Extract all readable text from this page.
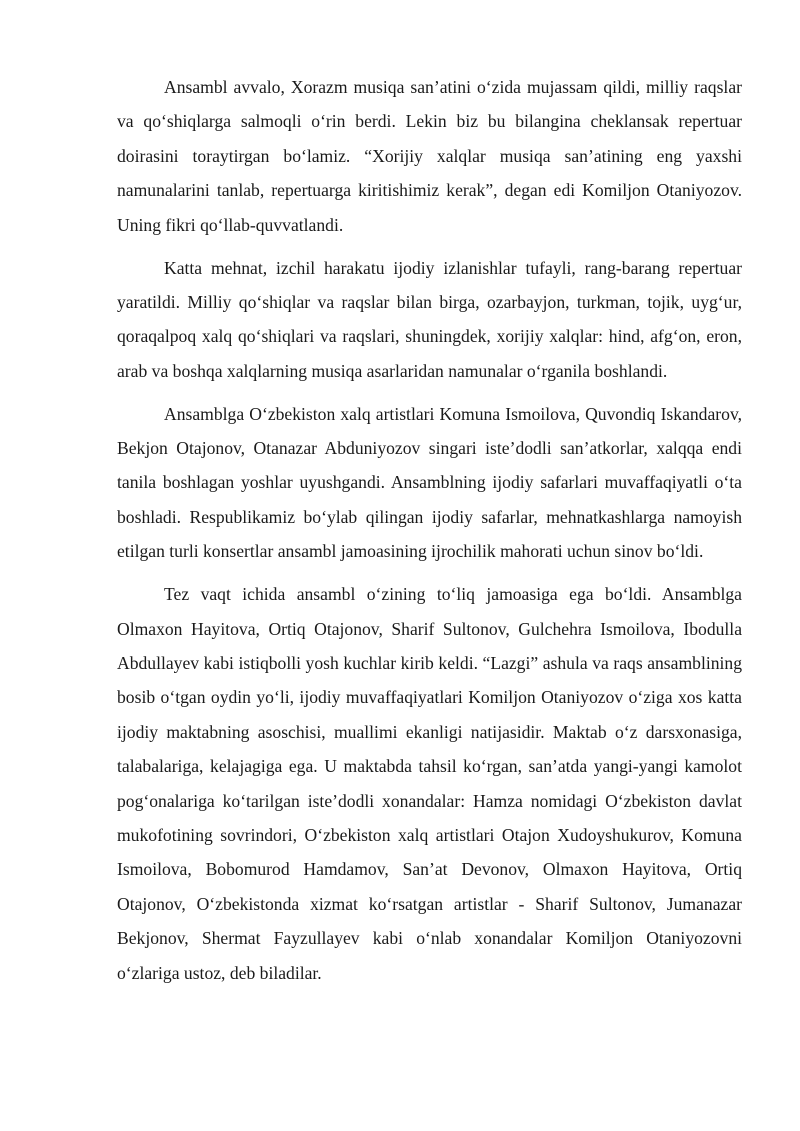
Ansambl avvalo, Xorazm musiqa san’atini o‘zida mujassam qildi, milliy raqslar va qo‘shiqlarga salmoqli o‘rin berdi. Lekin biz bu bilangina cheklansak repertuar doirasini toraytirgan bo‘lamiz. “Xorijiy xalqlar musiqa san’atining eng yaxshi namunalarini tanlab, repertuarga kiritishimiz kerak”, degan edi Komiljon Otaniyozov. Uning fikri qo‘llab-quvvatlandi.

Katta mehnat, izchil harakatu ijodiy izlanishlar tufayli, rang-barang repertuar yaratildi. Milliy qo‘shiqlar va raqslar bilan birga, ozarbayjon, turkman, tojik, uyg‘ur, qoraqalpoq xalq qo‘shiqlari va raqslari, shuningdek, xorijiy xalqlar: hind, afg‘on, eron, arab va boshqa xalqlarning musiqa asarlaridan namunalar o‘rganila boshlandi.

Ansamblga O‘zbekiston xalq artistlari Komuna Ismoilova, Quvondiq Iskandarov, Bekjon Otajonov, Otanazar Abduniyozov singari iste’dodli san’atkorlar, xalqqa endi tanila boshlagan yoshlar uyushgandi. Ansamblning ijodiy safarlari muvaffaqiyatli o‘ta boshladi. Respublikamiz bo‘ylab qilingan ijodiy safarlar, mehnatkashlarga namoyish etilgan turli konsertlar ansambl jamoasining ijrochilik mahorati uchun sinov bo‘ldi.

Tez vaqt ichida ansambl o‘zining to‘liq jamoasiga ega bo‘ldi. Ansamblga Olmaxon Hayitova, Ortiq Otajonov, Sharif Sultonov, Gulchehra Ismoilova, Ibodulla Abdullayev kabi istiqbolli yosh kuchlar kirib keldi. “Lazgi” ashula va raqs ansamblining bosib o‘tgan oydin yo‘li, ijodiy muvaffaqiyatlari Komiljon Otaniyozov o‘ziga xos katta ijodiy maktabning asoschisi, muallimi ekanligi natijasidir. Maktab o‘z darsxonasiga, talabalariga, kelajagiga ega. U maktabda tahsil ko‘rgan, san’atda yangi-yangi kamolot pog‘onalariga ko‘tarilgan iste’dodli xonandalar: Hamza nomidagi O‘zbekiston davlat mukofotining sovrindori, O‘zbekiston xalq artistlari Otajon Xudoyshukurov, Komuna Ismoilova, Bobomurod Hamdamov, San’at Devonov, Olmaxon Hayitova, Ortiq Otajonov, O‘zbekistonda xizmat ko‘rsatgan artistlar - Sharif Sultonov, Jumanazar Bekjonov, Shermat Fayzullayev kabi o‘nlab xonandalar Komiljon Otaniyozovni o‘zlariga ustoz, deb biladilar.
